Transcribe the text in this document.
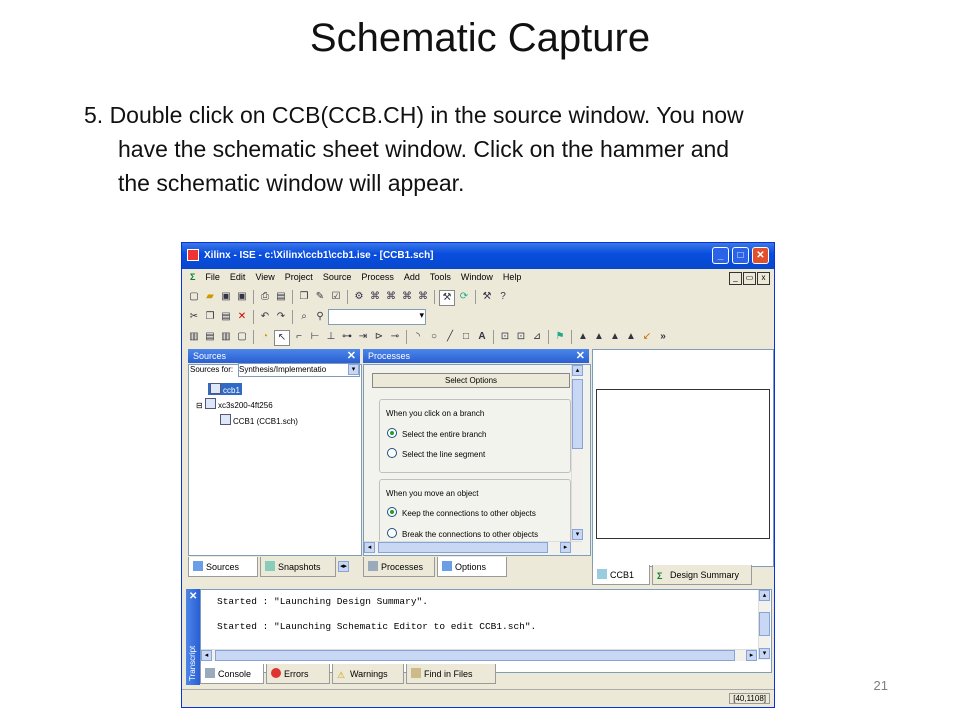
Schematic Capture
5. Double click on CCB(CCB.CH) in the source window. You now
have the schematic sheet window. Click on the hammer and
the schematic window will appear.
21
Xilinx - ISE - c:\Xilinx\ccb1\ccb1.ise - [CCB1.sch]	_	□	✕
Σ File Edit View Project Source Process Add Tools Window Help	_ ▭ x
▢ ▰ ▣ ▣ ⎙ ▤ ❐ ✎ ☑ ⚙ ⌘ ⌘ ⌘ ⌘ ⚒ ⟳ ⚒ ?
✂ ❐ ▤ ✕ ↶ ↷ ⌕ ⚲▾
▥ ▤ ▥ ▢ ◔ ↖ ⌐ ⊢ ⊥ ⊶ ⇥ ⊳ ⊸ ◝ ○ ╱ □ A ⊡ ⊡ ⊿ ⚑ ▲ ▲ ▲ ▲ ↙ »
Sources	✕
Sources for: Synthesis/Implementatio	▾
ccb1
⊟ xc3s200-4ft256
CCB1 (CCB1.sch)
Sources	Snapshots	◂▸
Processes	✕
Select Options
When you click on a branch
Select the entire branch
Select the line segment
When you move an object
Keep the connections to other objects
Break the connections to other objects
▴
▾
◂	▸
Processes	Options
CCB1	Σ Design Summary
✕
Transcript
Started : "Launching Design Summary".
Started : "Launching Schematic Editor to edit CCB1.sch".
▴
▾
◂	▸
Console	Errors	⚠ Warnings	Find in Files
[40,1108]
